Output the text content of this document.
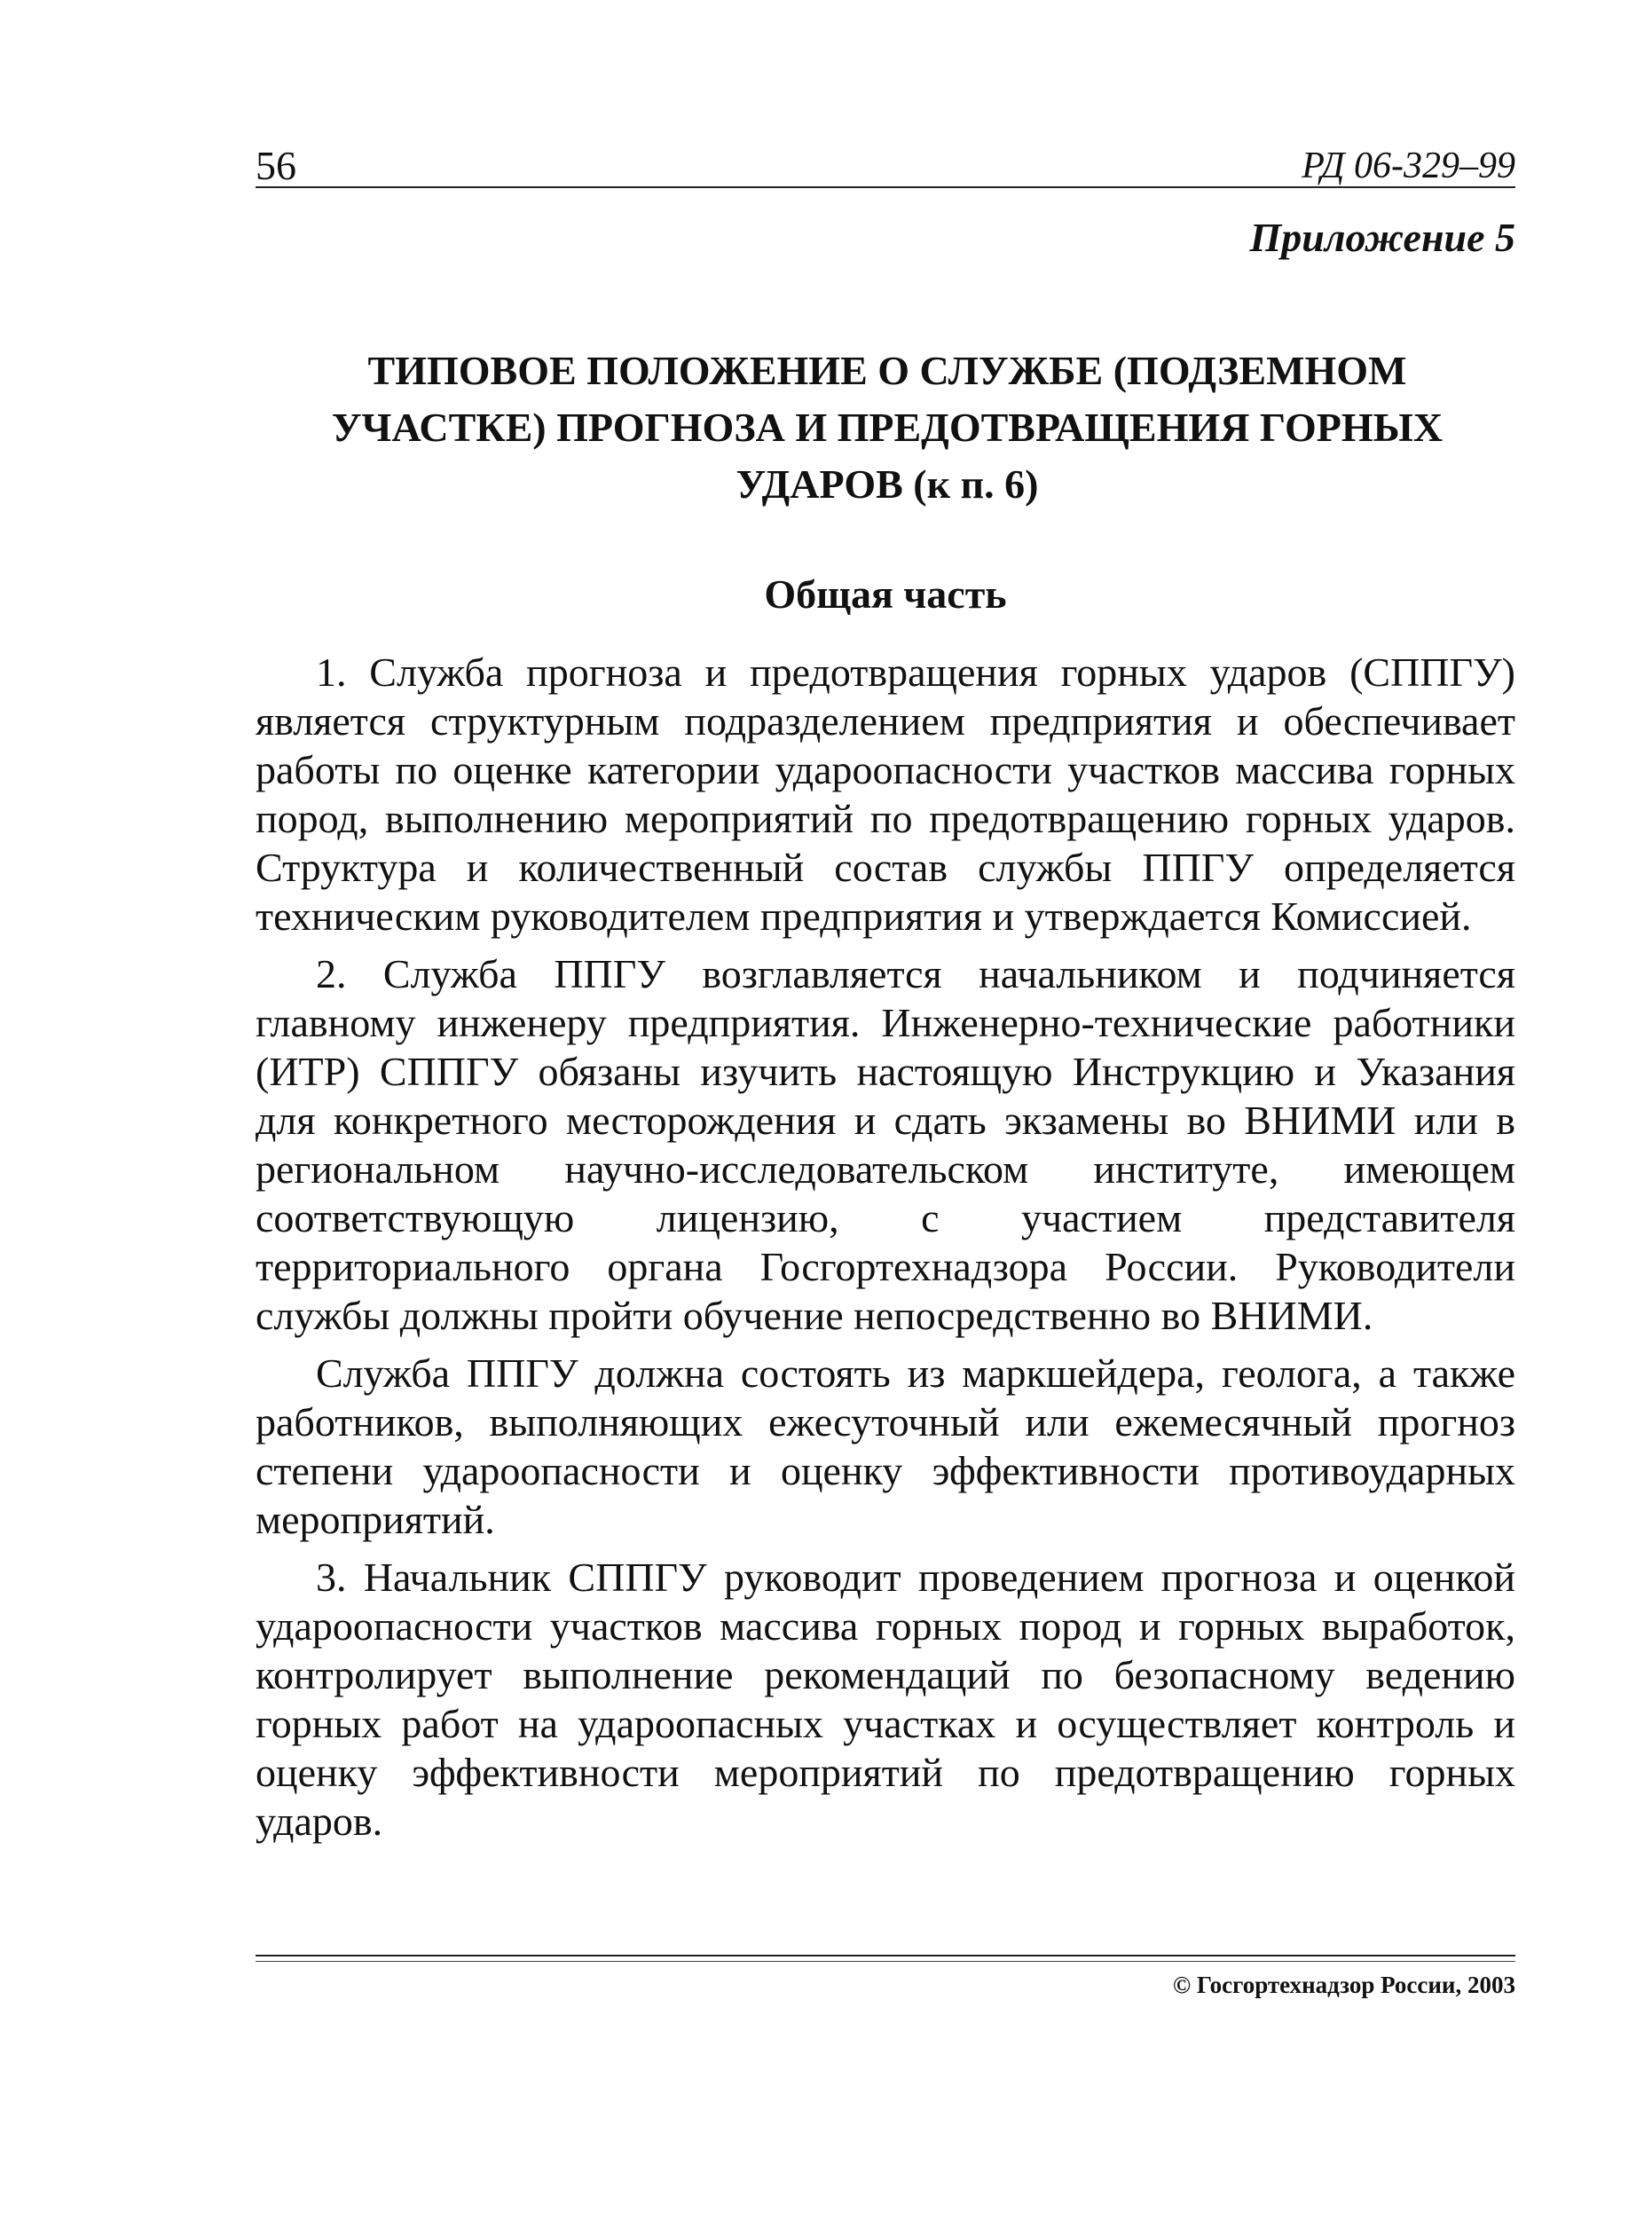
56	РД 06-329–99
Приложение 5
ТИПОВОЕ ПОЛОЖЕНИЕ О СЛУЖБЕ (ПОДЗЕМНОМ УЧАСТКЕ) ПРОГНОЗА И ПРЕДОТВРАЩЕНИЯ ГОРНЫХ УДАРОВ (к п. 6)
Общая часть

1. Служба прогноза и предотвращения горных ударов (СППГУ) является структурным подразделением предприятия и обеспечивает работы по оценке категории удароопасности участков массива горных пород, выполнению мероприятий по предотвращению горных ударов. Структура и количественный состав службы ППГУ определяется техническим руководителем предприятия и утверждается Комиссией.

2. Служба ППГУ возглавляется начальником и подчиняется главному инженеру предприятия. Инженерно-технические работники (ИТР) СППГУ обязаны изучить настоящую Инструкцию и Указания для конкретного месторождения и сдать экзамены во ВНИМИ или в региональном научно-исследовательском институте, имеющем соответствующую лицензию, с участием представителя территориального органа Госгортехнадзора России. Руководители службы должны пройти обучение непосредственно во ВНИМИ.

Служба ППГУ должна состоять из маркшейдера, геолога, а также работников, выполняющих ежесуточный или ежемесячный прогноз степени удароопасности и оценку эффективности противоударных мероприятий.

3. Начальник СППГУ руководит проведением прогноза и оценкой удароопасности участков массива горных пород и горных выработок, контролирует выполнение рекомендаций по безопасному ведению горных работ на удароопасных участках и осуществляет контроль и оценку эффективности мероприятий по предотвращению горных ударов.

© Госгортехнадзор России, 2003
